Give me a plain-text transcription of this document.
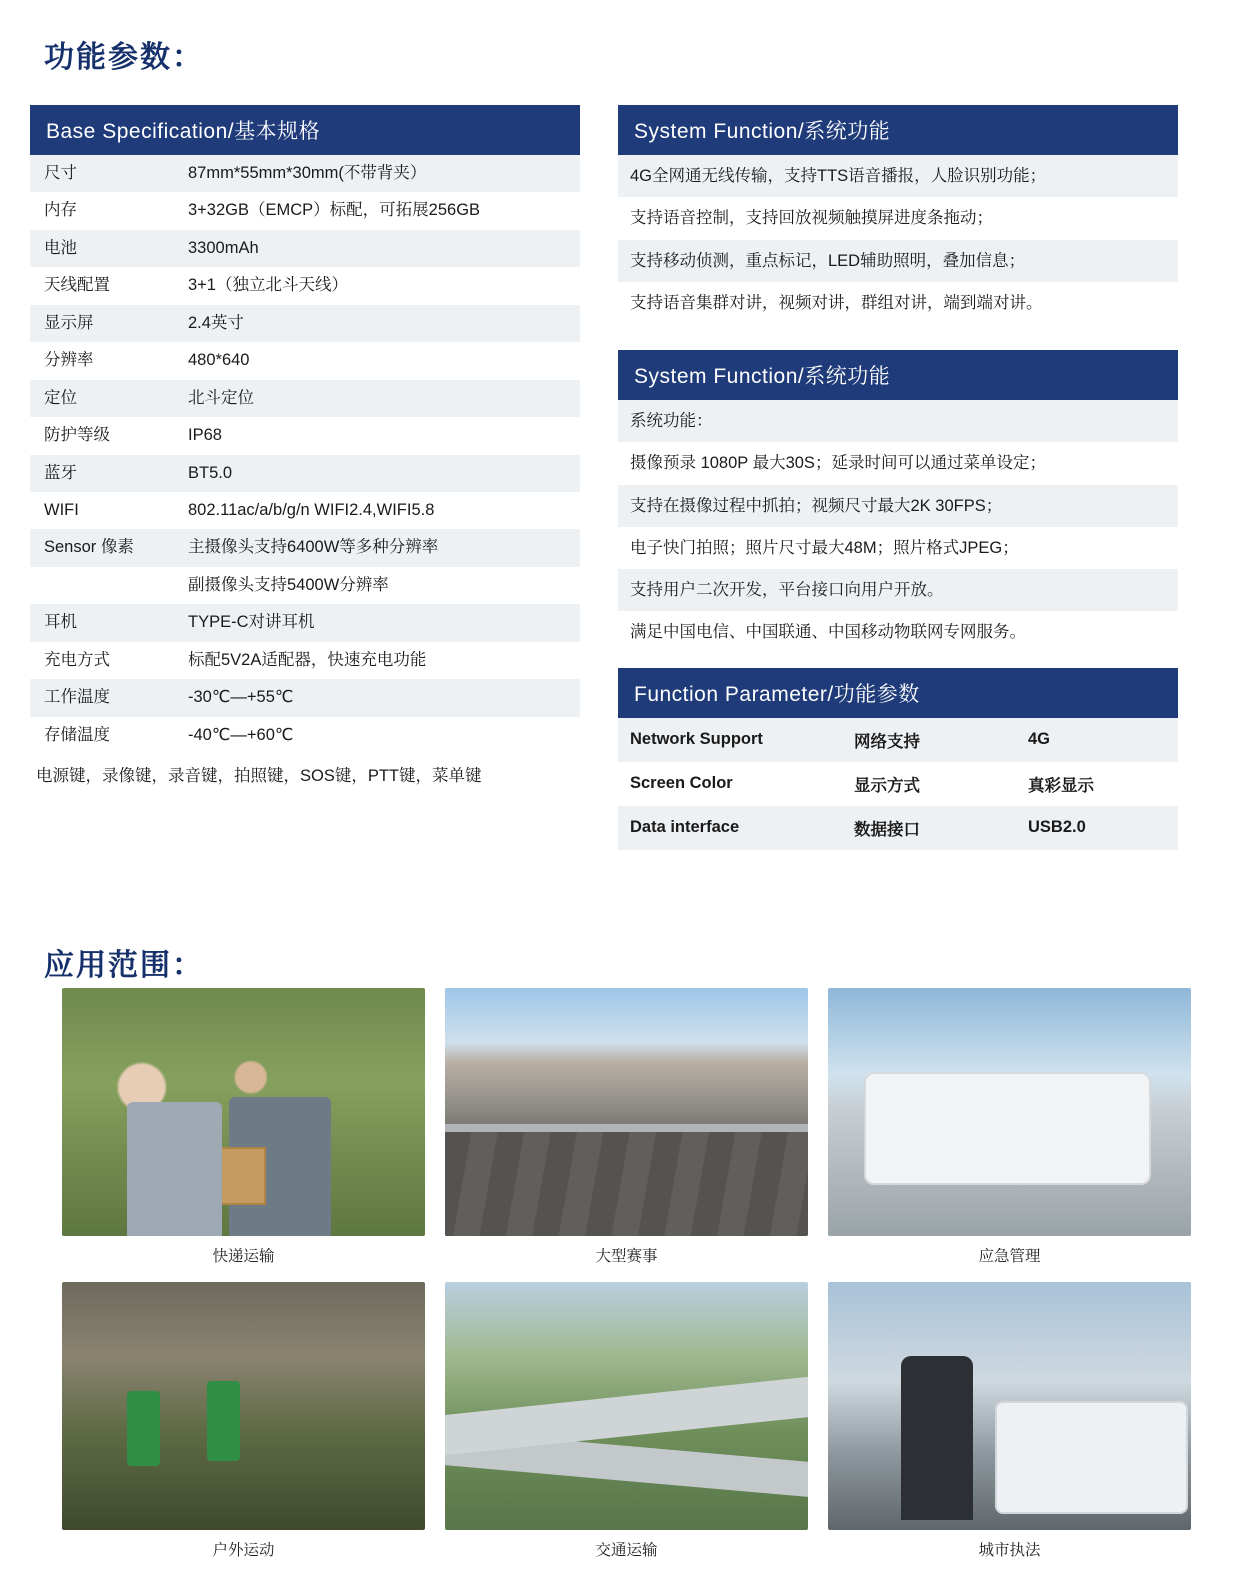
功能参数：
Base Specification/基本规格
尺寸	87mm*55mm*30mm(不带背夹）
内存	3+32GB（EMCP）标配，可拓展256GB
电池	3300mAh
天线配置	3+1（独立北斗天线）
显示屏	2.4英寸
分辨率	480*640
定位	北斗定位
防护等级	IP68
蓝牙	BT5.0
WIFI	802.11ac/a/b/g/n WIFI2.4,WIFI5.8
Sensor 像素	主摄像头支持6400W等多种分辨率
	副摄像头支持5400W分辨率
耳机	TYPE-C对讲耳机
充电方式	标配5V2A适配器，快速充电功能
工作温度	-30℃—+55℃
存储温度	-40℃—+60℃
电源键，录像键，录音键，拍照键，SOS键，PTT键，菜单键
System Function/系统功能
4G全网通无线传输，支持TTS语音播报，人脸识别功能；
支持语音控制，支持回放视频触摸屏进度条拖动；
支持移动侦测，重点标记，LED辅助照明，叠加信息；
支持语音集群对讲，视频对讲，群组对讲，端到端对讲。
System Function/系统功能
系统功能：
摄像预录 1080P 最大30S；延录时间可以通过菜单设定；
支持在摄像过程中抓拍；视频尺寸最大2K 30FPS；
电子快门拍照；照片尺寸最大48M；照片格式JPEG；
支持用户二次开发，平台接口向用户开放。
满足中国电信、中国联通、中国移动物联网专网服务。
Function Parameter/功能参数
Network Support	网络支持	4G
Screen Color	显示方式	真彩显示
Data interface	数据接口	USB2.0
应用范围：
快递运输	大型赛事	应急管理
户外运动	交通运输	城市执法
